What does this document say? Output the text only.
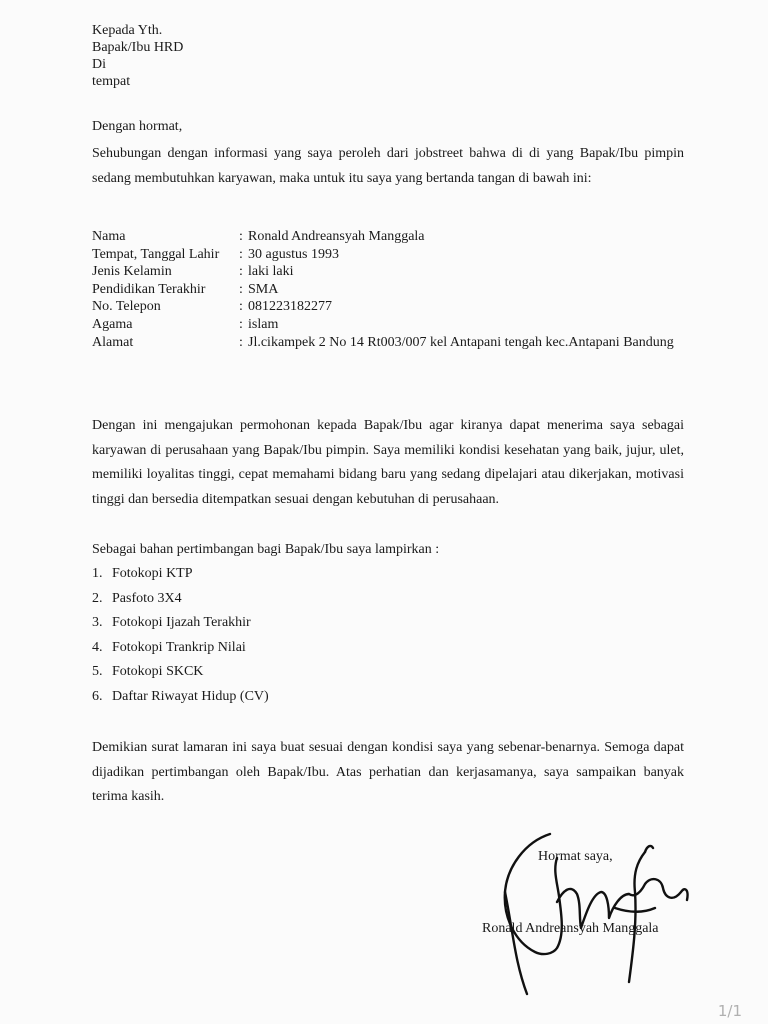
Kepada Yth.
Bapak/Ibu HRD
Di
tempat
Dengan hormat,
Sehubungan dengan informasi yang saya peroleh dari jobstreet bahwa di di yang Bapak/Ibu pimpin sedang membutuhkan karyawan, maka untuk itu saya yang bertanda tangan di bawah ini:
Nama	: Ronald Andreansyah Manggala
Tempat, Tanggal Lahir	: 30 agustus 1993
Jenis Kelamin	: laki laki
Pendidikan Terakhir	: SMA
No. Telepon	: 081223182277
Agama	: islam
Alamat	: Jl.cikampek 2 No 14 Rt003/007 kel Antapani tengah kec.Antapani Bandung
Dengan ini mengajukan permohonan kepada Bapak/Ibu agar kiranya dapat menerima saya sebagai karyawan di perusahaan yang Bapak/Ibu pimpin. Saya memiliki kondisi kesehatan yang baik, jujur, ulet, memiliki loyalitas tinggi, cepat memahami bidang baru yang sedang dipelajari atau dikerjakan, motivasi tinggi dan bersedia ditempatkan sesuai dengan kebutuhan di perusahaan.
Sebagai bahan pertimbangan bagi Bapak/Ibu saya lampirkan :
1. Fotokopi KTP
2. Pasfoto 3X4
3. Fotokopi Ijazah Terakhir
4. Fotokopi Trankrip Nilai
5. Fotokopi SKCK
6. Daftar Riwayat Hidup (CV)
Demikian surat lamaran ini saya buat sesuai dengan kondisi saya yang sebenar-benarnya. Semoga dapat dijadikan pertimbangan oleh Bapak/Ibu. Atas perhatian dan kerjasamanya, saya sampaikan banyak terima kasih.
Hormat saya,
Ronald Andreansyah Manggala
1/1
